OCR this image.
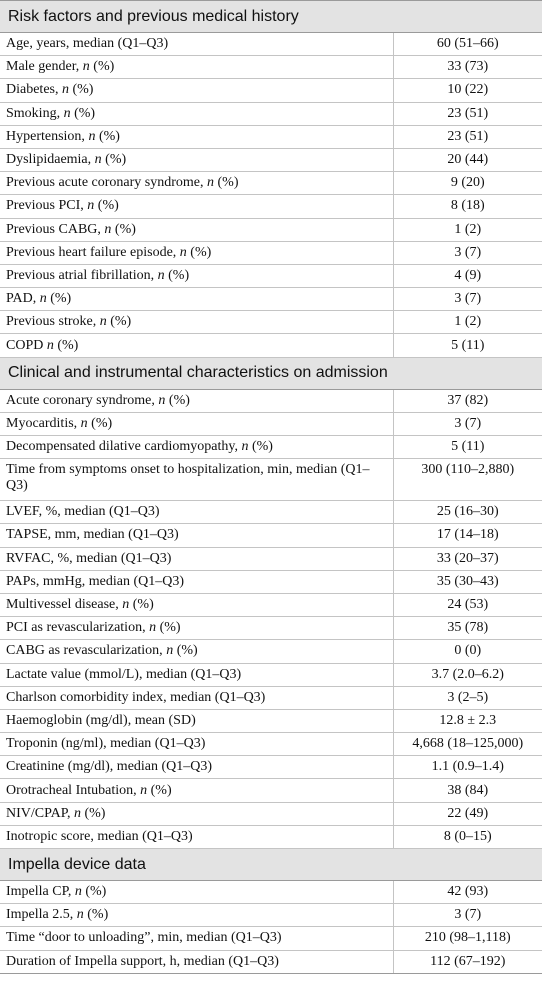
Risk factors and previous medical history	
Age, years, median (Q1–Q3)	60 (51–66)
Male gender, n (%)	33 (73)
Diabetes, n (%)	10 (22)
Smoking, n (%)	23 (51)
Hypertension, n (%)	23 (51)
Dyslipidaemia, n (%)	20 (44)
Previous acute coronary syndrome, n (%)	9 (20)
Previous PCI, n (%)	8 (18)
Previous CABG, n (%)	1 (2)
Previous heart failure episode, n (%)	3 (7)
Previous atrial fibrillation, n (%)	4 (9)
PAD, n (%)	3 (7)
Previous stroke, n (%)	1 (2)
COPD n (%)	5 (11)
Clinical and instrumental characteristics on admission	
Acute coronary syndrome, n (%)	37 (82)
Myocarditis, n (%)	3 (7)
Decompensated dilative cardiomyopathy, n (%)	5 (11)
Time from symptoms onset to hospitalization, min, median (Q1–Q3)	300 (110–2,880)
LVEF, %, median (Q1–Q3)	25 (16–30)
TAPSE, mm, median (Q1–Q3)	17 (14–18)
RVFAC, %, median (Q1–Q3)	33 (20–37)
PAPs, mmHg, median (Q1–Q3)	35 (30–43)
Multivessel disease, n (%)	24 (53)
PCI as revascularization, n (%)	35 (78)
CABG as revascularization, n (%)	0 (0)
Lactate value (mmol/L), median (Q1–Q3)	3.7 (2.0–6.2)
Charlson comorbidity index, median (Q1–Q3)	3 (2–5)
Haemoglobin (mg/dl), mean (SD)	12.8 ± 2.3
Troponin (ng/ml), median (Q1–Q3)	4,668 (18–125,000)
Creatinine (mg/dl), median (Q1–Q3)	1.1 (0.9–1.4)
Orotracheal Intubation, n (%)	38 (84)
NIV/CPAP, n (%)	22 (49)
Inotropic score, median (Q1–Q3)	8 (0–15)
Impella device data	
Impella CP, n (%)	42 (93)
Impella 2.5, n (%)	3 (7)
Time “door to unloading”, min, median (Q1–Q3)	210 (98–1,118)
Duration of Impella support, h, median (Q1–Q3)	112 (67–192)
